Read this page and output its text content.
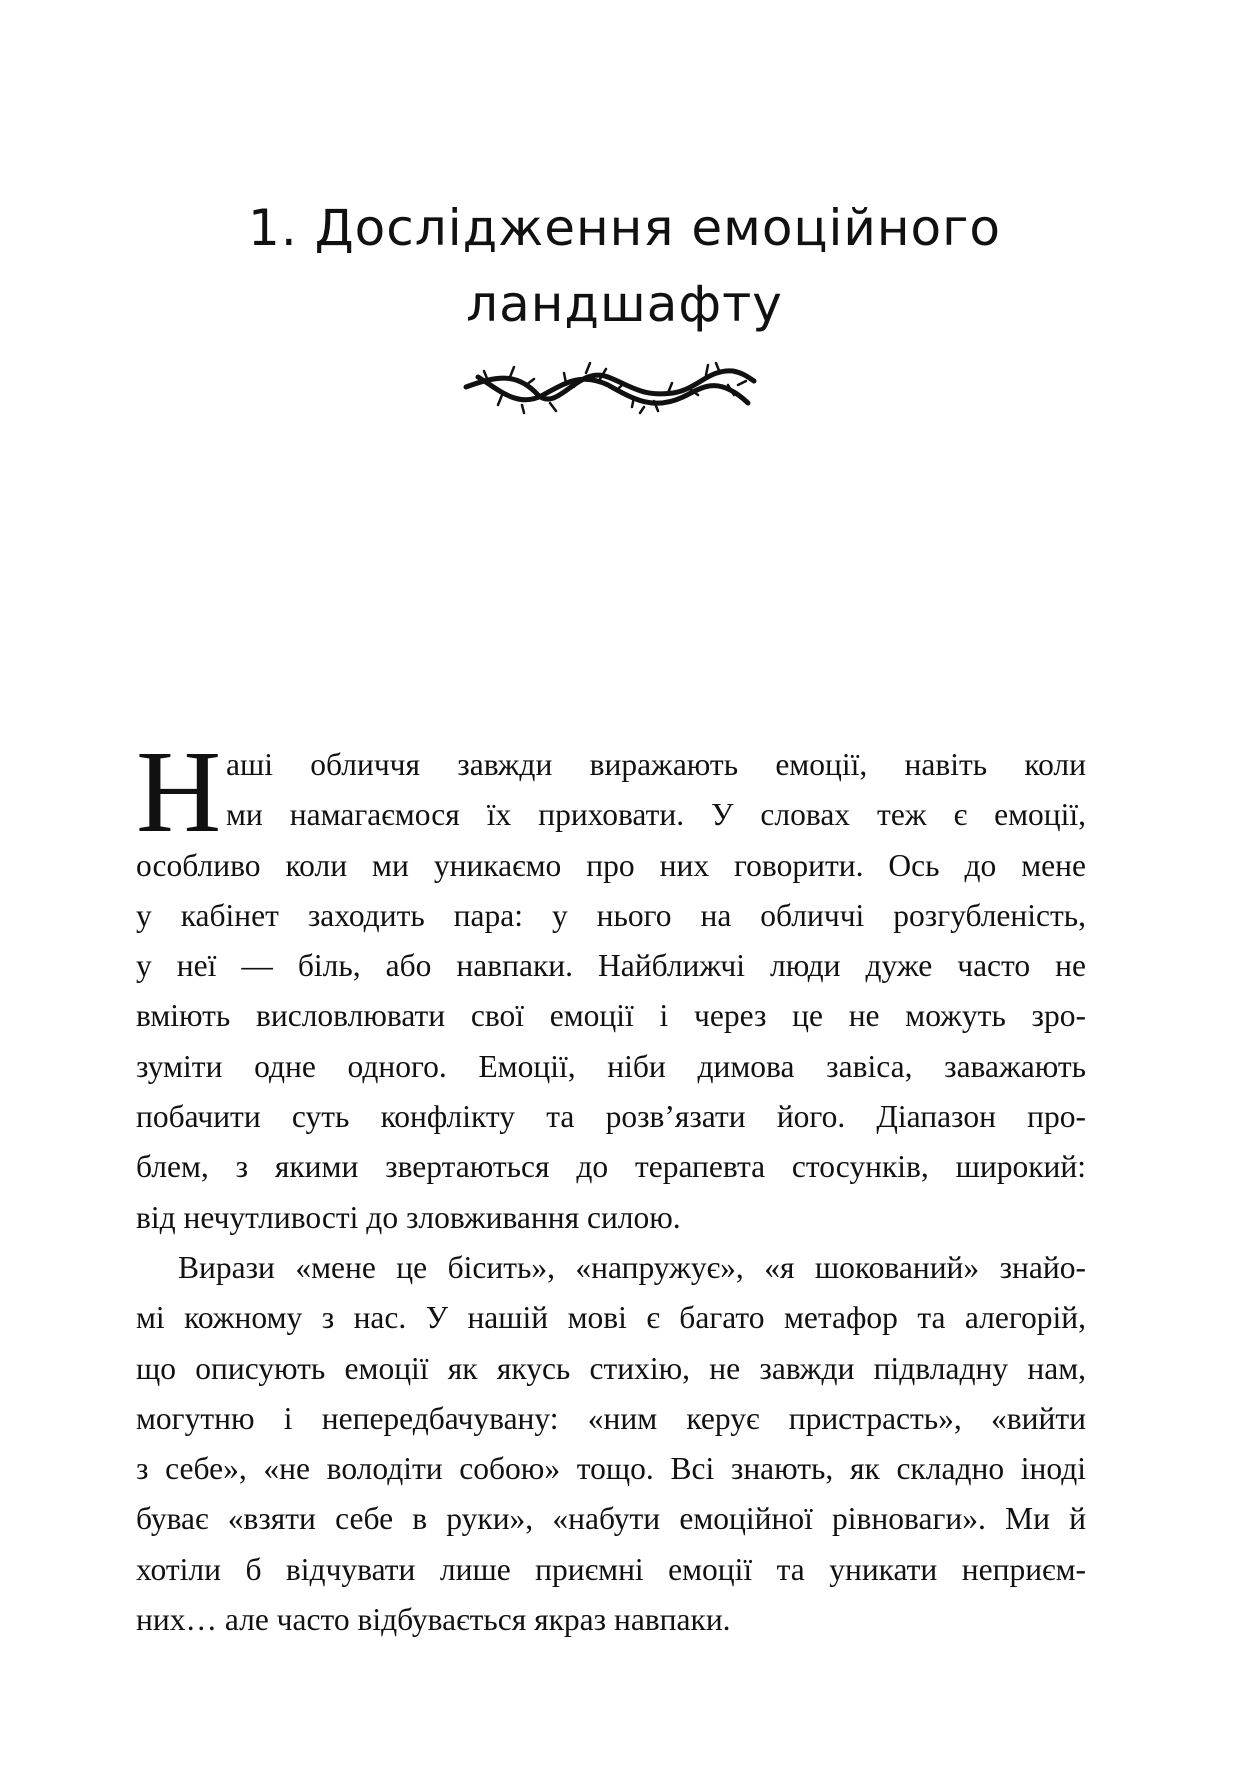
1. Дослідження емоційного
ландшафту
Н аші обличчя завжди виражають емоції, навіть коли
ми намагаємося їх приховати. У словах теж є емоції,
особливо коли ми уникаємо про них говорити. Ось до мене
у кабінет заходить пара: у нього на обличчі розгубленість,
у неї — біль, або навпаки. Найближчі люди дуже часто не
вміють висловлювати свої емоції і через це не можуть зро-
зуміти одне одного. Емоції, ніби димова завіса, заважають
побачити суть конфлікту та розв’язати його. Діапазон про-
блем, з якими звертаються до терапевта стосунків, широкий:
від нечутливості до зловживання силою.
Вирази «мене це бісить», «напружує», «я шокований» знайо-
мі кожному з нас. У нашій мові є багато метафор та алегорій,
що описують емоції як якусь стихію, не завжди підвладну нам,
могутню і непередбачувану: «ним керує пристрасть», «вийти
з себе», «не володіти собою» тощо. Всі знають, як складно іноді
буває «взяти себе в руки», «набути емоційної рівноваги». Ми й
хотіли б відчувати лише приємні емоції та уникати неприєм-
них… але часто відбувається якраз навпаки.
